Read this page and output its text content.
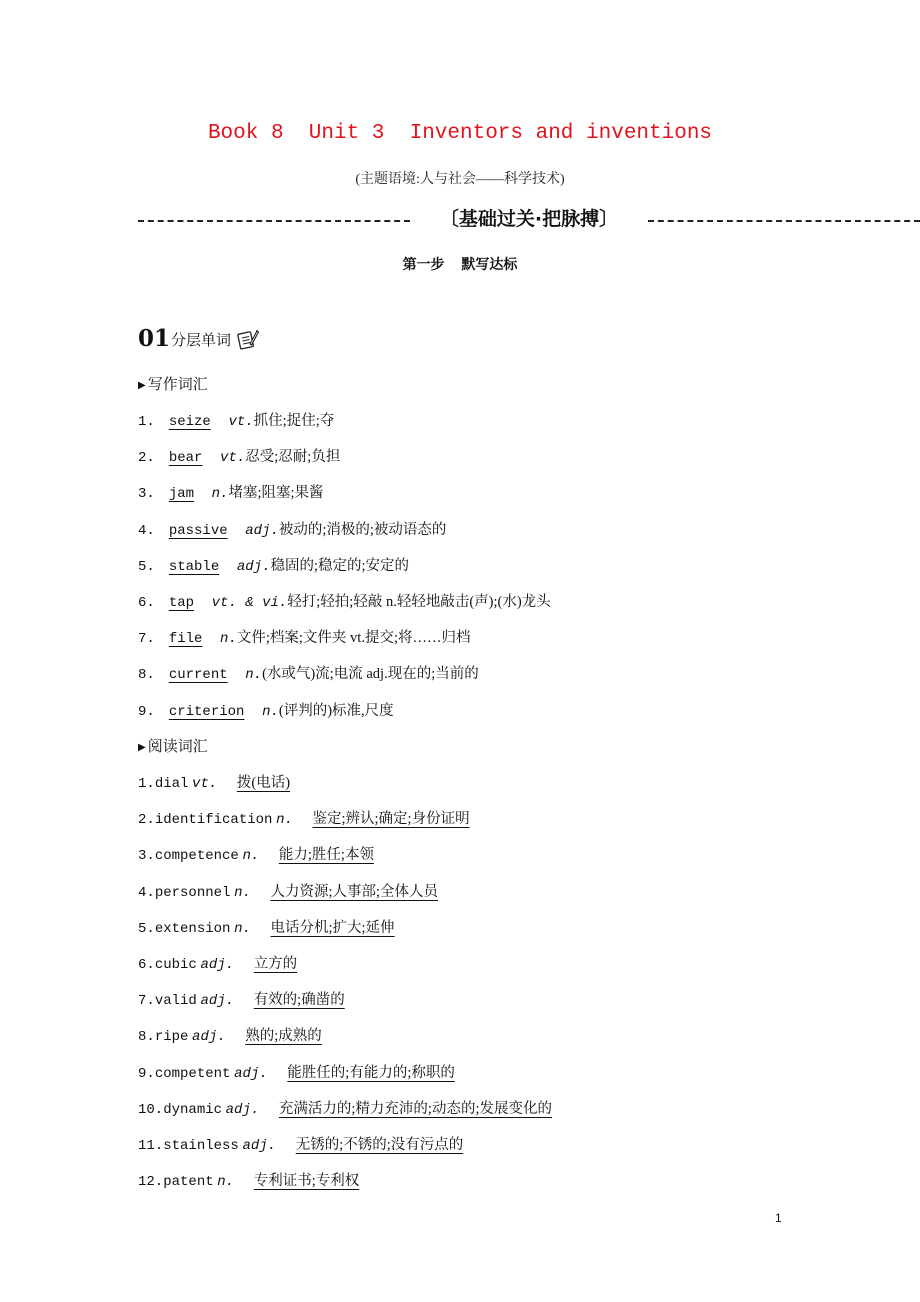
Book 8  Unit 3  Inventors and inventions
(主题语境:人与社会——科学技术)
〔基础过关·把脉搏〕
第一步 默写达标
01 分层单词
▶ 写作词汇
1. seize vt.抓住;捉住;夺
2. bear vt.忍受;忍耐;负担
3. jam n.堵塞;阻塞;果酱
4. passive adj.被动的;消极的;被动语态的
5. stable adj.稳固的;稳定的;安定的
6. tap vt. & vi.轻打;轻拍;轻敲 n.轻轻地敲击(声);(水)龙头
7. file n.文件;档案;文件夹 vt.提交;将……归档
8. current n.(水或气)流;电流 adj.现在的;当前的
9. criterion n.(评判的)标准,尺度
▶ 阅读词汇
1.dial vt. 拨(电话)
2.identification n. 鉴定;辨认;确定;身份证明
3.competence n. 能力;胜任;本领
4.personnel n. 人力资源;人事部;全体人员
5.extension n. 电话分机;扩大;延伸
6.cubic adj. 立方的
7.valid adj. 有效的;确凿的
8.ripe adj. 熟的;成熟的
9.competent adj. 能胜任的;有能力的;称职的
10.dynamic adj. 充满活力的;精力充沛的;动态的;发展变化的
11.stainless adj. 无锈的;不锈的;没有污点的
12.patent n. 专利证书;专利权
1
